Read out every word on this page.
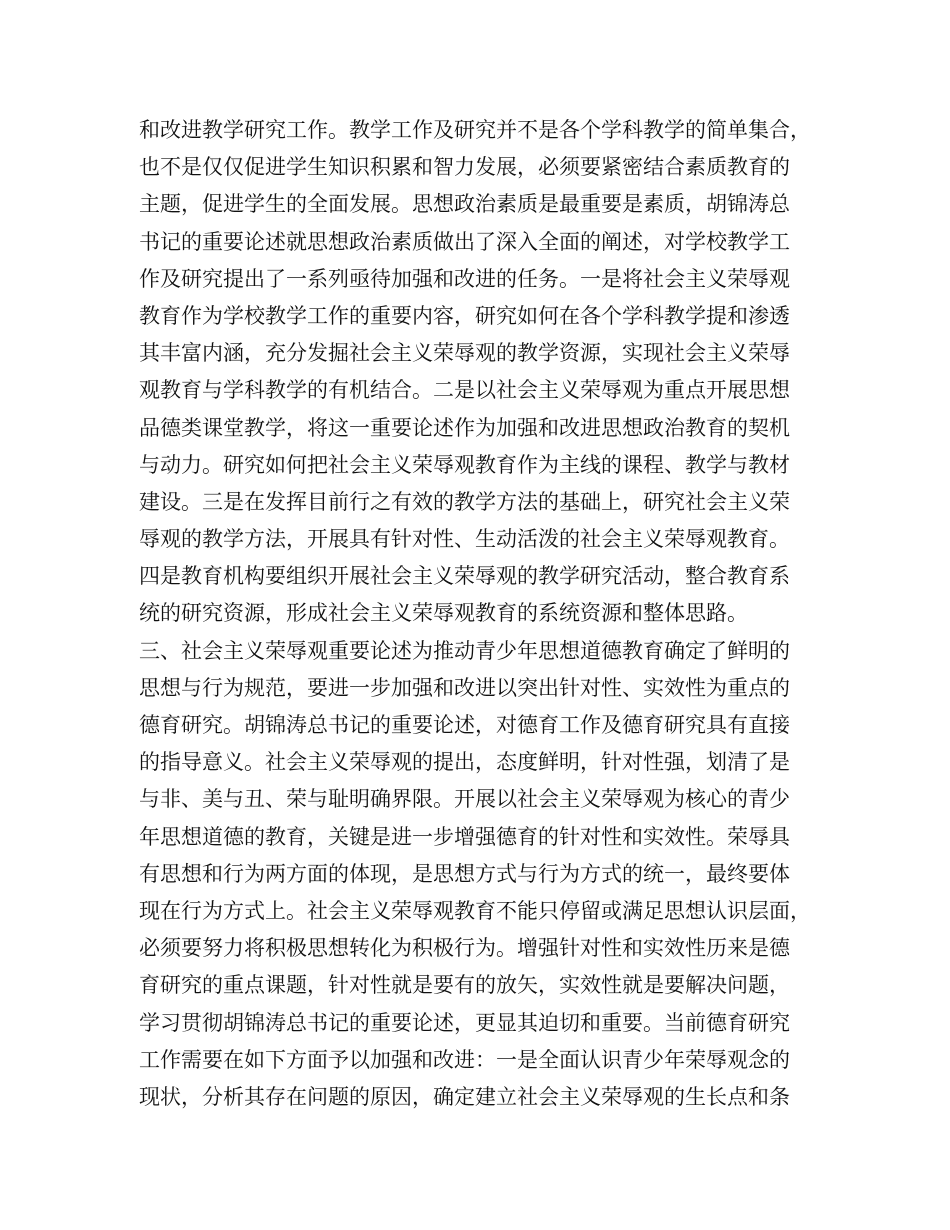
和改进教学研究工作。教学工作及研究并不是各个学科教学的简单集合，
也不是仅仅促进学生知识积累和智力发展，必须要紧密结合素质教育的
主题，促进学生的全面发展。思想政治素质是最重要是素质，胡锦涛总
书记的重要论述就思想政治素质做出了深入全面的阐述，对学校教学工
作及研究提出了一系列亟待加强和改进的任务。一是将社会主义荣辱观
教育作为学校教学工作的重要内容，研究如何在各个学科教学提和渗透
其丰富内涵，充分发掘社会主义荣辱观的教学资源，实现社会主义荣辱
观教育与学科教学的有机结合。二是以社会主义荣辱观为重点开展思想
品德类课堂教学，将这一重要论述作为加强和改进思想政治教育的契机
与动力。研究如何把社会主义荣辱观教育作为主线的课程、教学与教材
建设。三是在发挥目前行之有效的教学方法的基础上，研究社会主义荣
辱观的教学方法，开展具有针对性、生动活泼的社会主义荣辱观教育。
四是教育机构要组织开展社会主义荣辱观的教学研究活动，整合教育系
统的研究资源，形成社会主义荣辱观教育的系统资源和整体思路。
三、社会主义荣辱观重要论述为推动青少年思想道德教育确定了鲜明的
思想与行为规范，要进一步加强和改进以突出针对性、实效性为重点的
德育研究。胡锦涛总书记的重要论述，对德育工作及德育研究具有直接
的指导意义。社会主义荣辱观的提出，态度鲜明，针对性强，划清了是
与非、美与丑、荣与耻明确界限。开展以社会主义荣辱观为核心的青少
年思想道德的教育，关键是进一步增强德育的针对性和实效性。荣辱具
有思想和行为两方面的体现，是思想方式与行为方式的统一，最终要体
现在行为方式上。社会主义荣辱观教育不能只停留或满足思想认识层面，
必须要努力将积极思想转化为积极行为。增强针对性和实效性历来是德
育研究的重点课题，针对性就是要有的放矢，实效性就是要解决问题，
学习贯彻胡锦涛总书记的重要论述，更显其迫切和重要。当前德育研究
工作需要在如下方面予以加强和改进：一是全面认识青少年荣辱观念的
现状，分析其存在问题的原因，确定建立社会主义荣辱观的生长点和条
